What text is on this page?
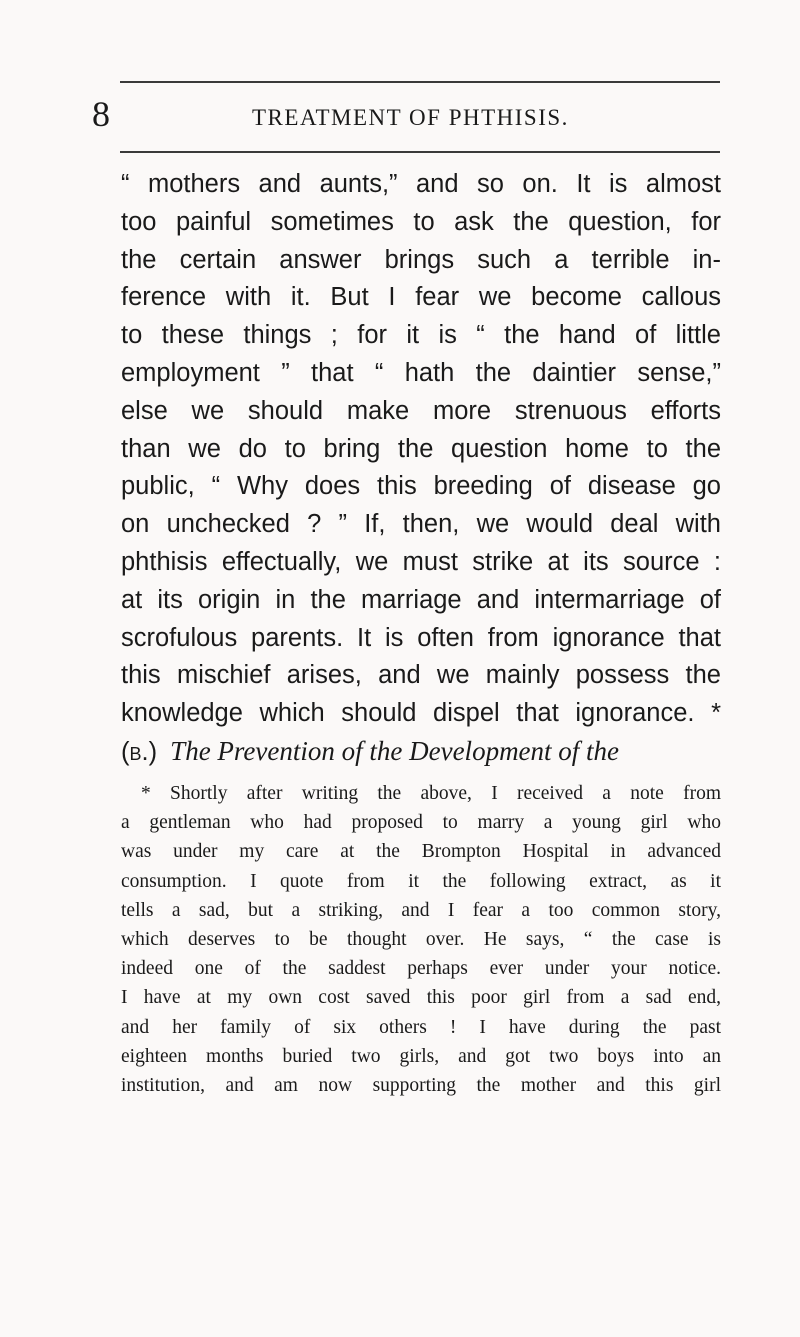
8	TREATMENT OF PHTHISIS.
“ mothers and aunts,” and so on. It is almost
too painful sometimes to ask the question, for
the certain answer brings such a terrible in-
ference with it. But I fear we become callous
to these things ; for it is “ the hand of little
employment ” that “ hath the daintier sense,”
else we should make more strenuous efforts
than we do to bring the question home to the
public, “ Why does this breeding of disease go
on unchecked ? ” If, then, we would deal with
phthisis effectually, we must strike at its source :
at its origin in the marriage and intermarriage of
scrofulous parents. It is often from ignorance that
this mischief arises, and we mainly possess the
knowledge which should dispel that ignorance. *
(b.) The Prevention of the Development of the
* Shortly after writing the above, I received a note from
a gentleman who had proposed to marry a young girl who
was under my care at the Brompton Hospital in advanced
consumption. I quote from it the following extract, as it
tells a sad, but a striking, and I fear a too common story,
which deserves to be thought over. He says, “ the case is
indeed one of the saddest perhaps ever under your notice.
I have at my own cost saved this poor girl from a sad end,
and her family of six others ! I have during the past
eighteen months buried two girls, and got two boys into an
institution, and am now supporting the mother and this girl
